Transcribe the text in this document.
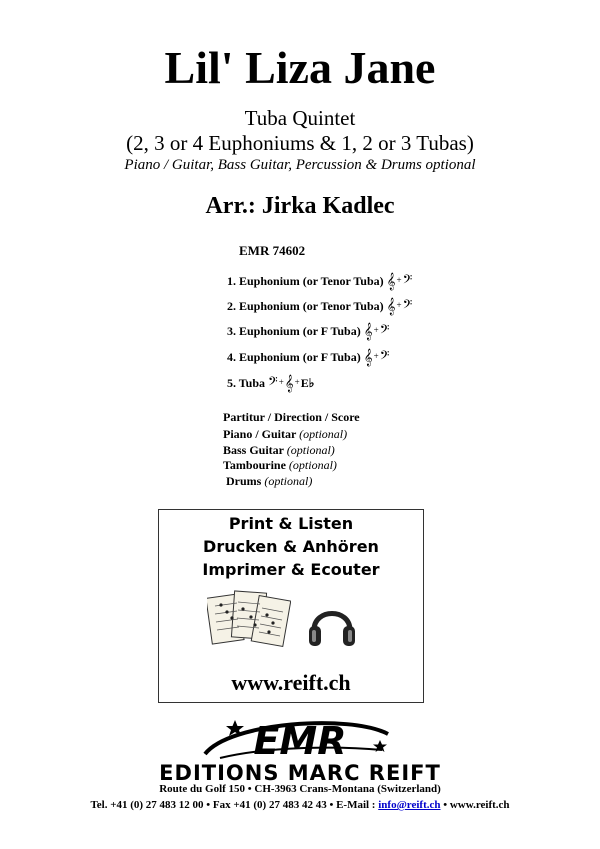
Lil' Liza Jane
Tuba Quintet
(2, 3 or 4 Euphoniums & 1, 2 or 3 Tubas)
Piano / Guitar, Bass Guitar, Percussion & Drums optional
Arr.: Jirka Kadlec
EMR 74602
1. Euphonium (or Tenor Tuba) 𝄞+𝄢
2. Euphonium (or Tenor Tuba) 𝄞+𝄢
3. Euphonium (or F Tuba) 𝄞+𝄢
4. Euphonium (or F Tuba) 𝄞+𝄢
5. Tuba 𝄢+𝄞+E♭
Partitur / Direction / Score
Piano / Guitar (optional)
Bass Guitar (optional)
Tambourine (optional)
Drums (optional)
Print & Listen
Drucken & Anhören
Imprimer & Ecouter
www.reift.ch
EMR
EDITIONS MARC REIFT
Route du Golf 150 • CH-3963 Crans-Montana (Switzerland)
Tel. +41 (0) 27 483 12 00 • Fax +41 (0) 27 483 42 43 • E-Mail : info@reift.ch • www.reift.ch
